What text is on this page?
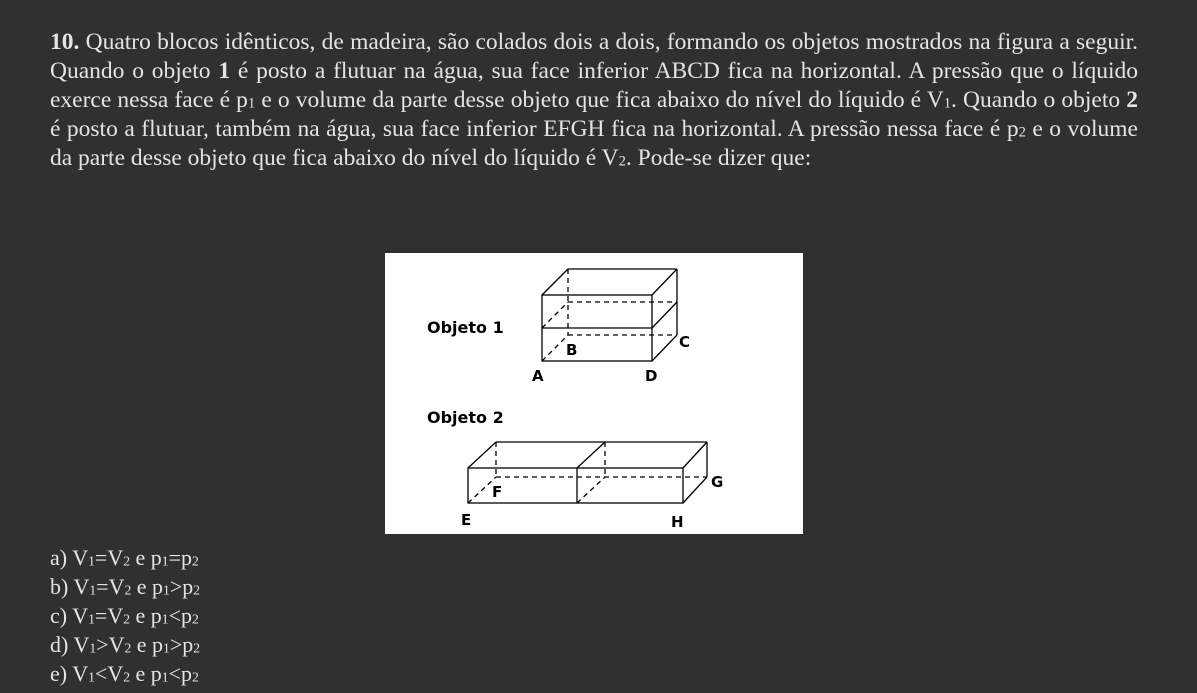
10. Quatro blocos idênticos, de madeira, são colados dois a dois, formando os objetos mostrados na figura a seguir. Quando o objeto 1 é posto a flutuar na água, sua face inferior ABCD fica na horizontal. A pressão que o líquido exerce nessa face é $p_1$ e o volume da parte desse objeto que fica abaixo do nível do líquido é $V_1$. Quando o objeto 2 é posto a flutuar, também na água, sua face inferior EFGH fica na horizontal. A pressão nessa face é $p_2$ e o volume da parte desse objeto que fica abaixo do nível do líquido é $V_2$. Pode-se dizer que:
Objeto 1
Objeto 2
B	C
A	D
F
G
E	H
a) $V_1=V_2$ e $p_1=p_2$
b) $V_1=V_2$ e $p_1>p_2$
c) $V_1=V_2$ e $p_1<p_2$
d) $V_1>V_2$ e $p_1>p_2$
e) $V_1<V_2$ e $p_1<p_2$
